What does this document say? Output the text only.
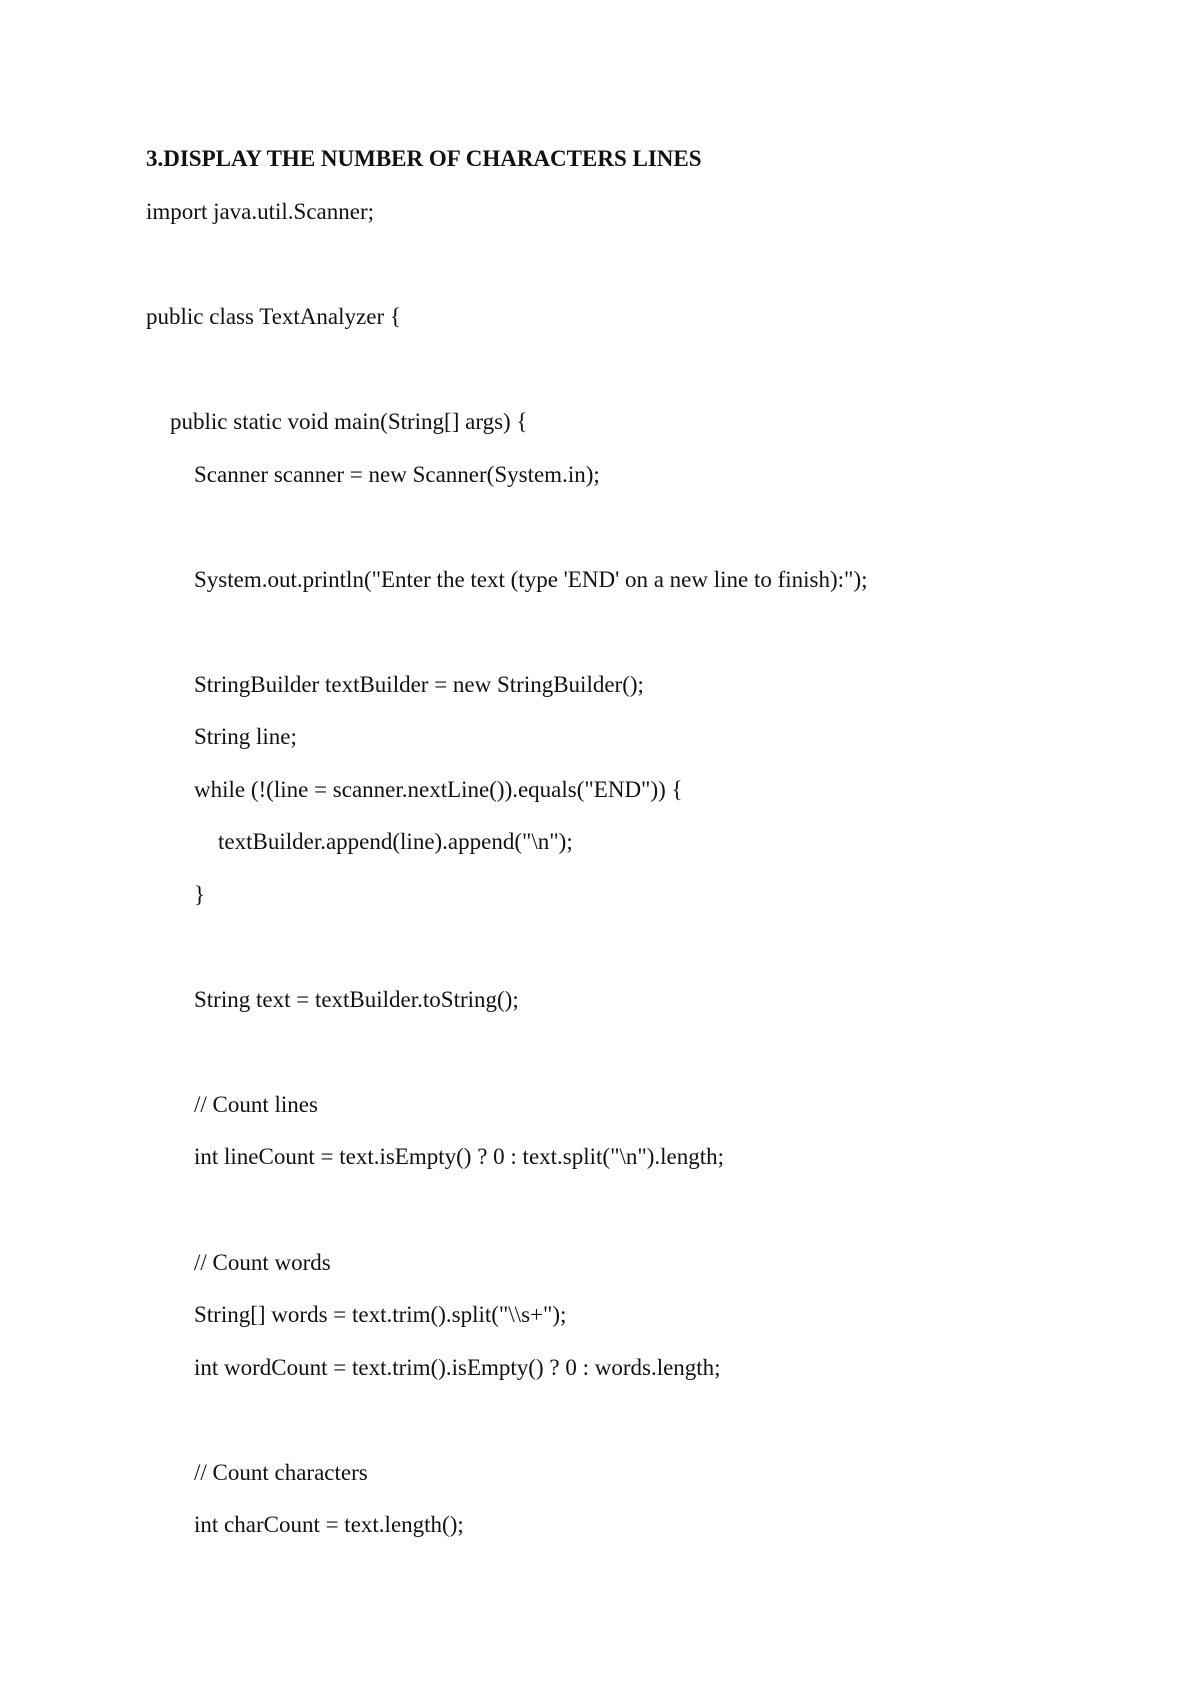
3.DISPLAY THE NUMBER OF CHARACTERS LINES
import java.util.Scanner;
public class TextAnalyzer {
public static void main(String[] args) {
Scanner scanner = new Scanner(System.in);
System.out.println("Enter the text (type 'END' on a new line to finish):");
StringBuilder textBuilder = new StringBuilder();
String line;
while (!(line = scanner.nextLine()).equals("END")) {
textBuilder.append(line).append("\n");
}
String text = textBuilder.toString();
// Count lines
int lineCount = text.isEmpty() ? 0 : text.split("\n").length;
// Count words
String[] words = text.trim().split("\\s+");
int wordCount = text.trim().isEmpty() ? 0 : words.length;
// Count characters
int charCount = text.length();
